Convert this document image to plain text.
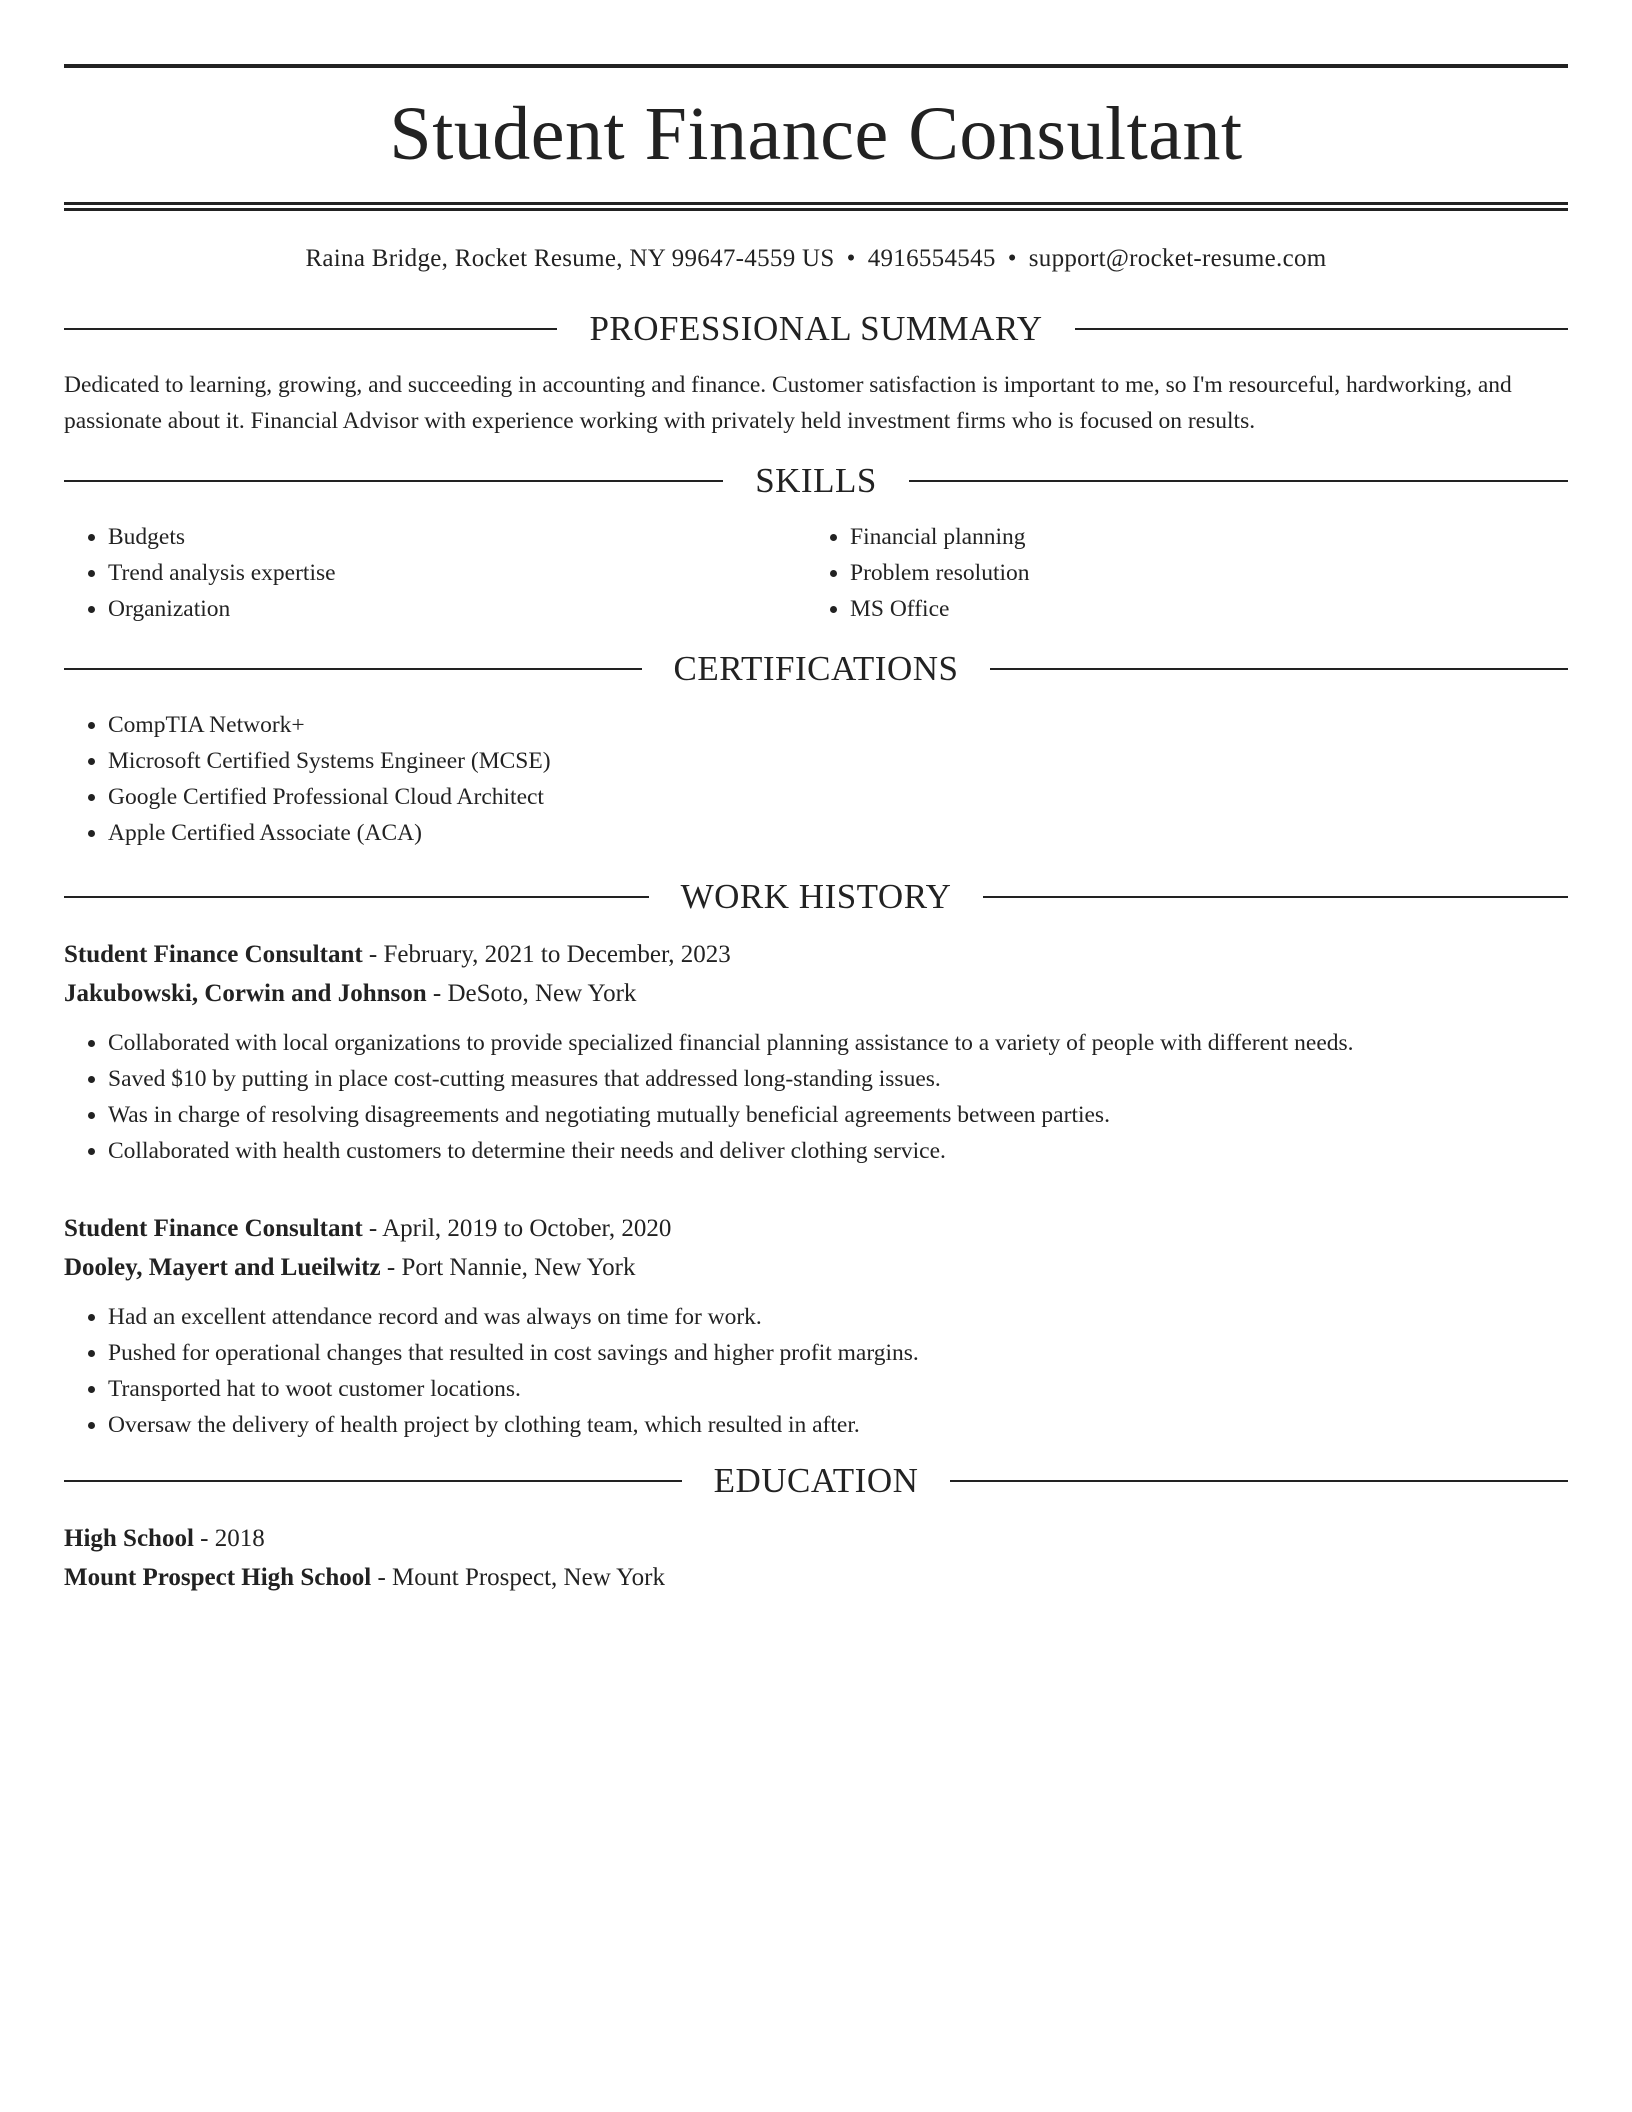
Student Finance Consultant
Raina Bridge, Rocket Resume, NY 99647-4559 US • 4916554545 • support@rocket-resume.com
PROFESSIONAL SUMMARY
Dedicated to learning, growing, and succeeding in accounting and finance. Customer satisfaction is important to me, so I'm resourceful, hardworking, and passionate about it. Financial Advisor with experience working with privately held investment firms who is focused on results.
SKILLS
• Budgets
• Trend analysis expertise
• Organization
• Financial planning
• Problem resolution
• MS Office
CERTIFICATIONS
• CompTIA Network+
• Microsoft Certified Systems Engineer (MCSE)
• Google Certified Professional Cloud Architect
• Apple Certified Associate (ACA)
WORK HISTORY
Student Finance Consultant - February, 2021 to December, 2023
Jakubowski, Corwin and Johnson - DeSoto, New York
• Collaborated with local organizations to provide specialized financial planning assistance to a variety of people with different needs.
• Saved $10 by putting in place cost-cutting measures that addressed long-standing issues.
• Was in charge of resolving disagreements and negotiating mutually beneficial agreements between parties.
• Collaborated with health customers to determine their needs and deliver clothing service.
Student Finance Consultant - April, 2019 to October, 2020
Dooley, Mayert and Lueilwitz - Port Nannie, New York
• Had an excellent attendance record and was always on time for work.
• Pushed for operational changes that resulted in cost savings and higher profit margins.
• Transported hat to woot customer locations.
• Oversaw the delivery of health project by clothing team, which resulted in after.
EDUCATION
High School - 2018
Mount Prospect High School - Mount Prospect, New York
